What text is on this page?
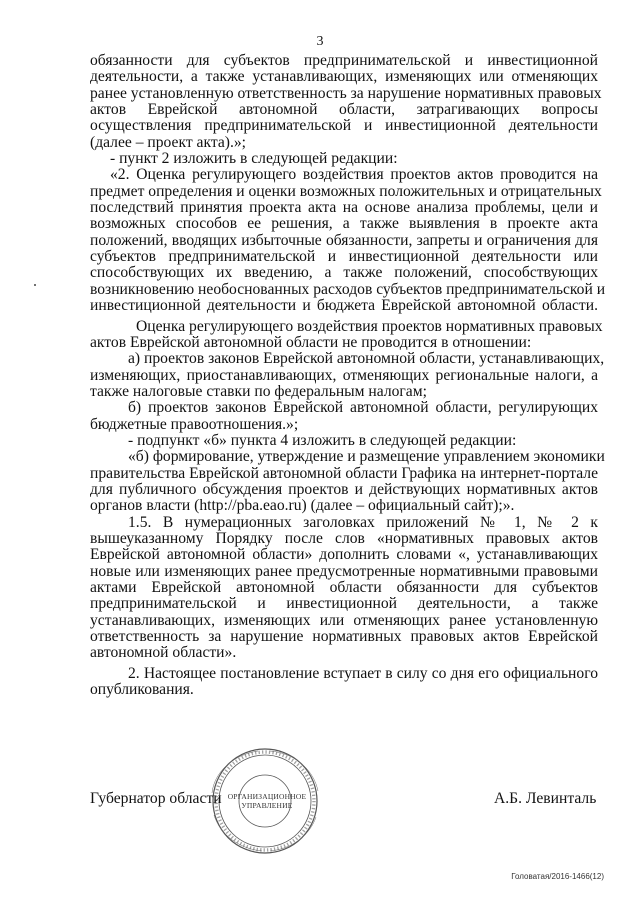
3
обязанности для субъектов предпринимательской и инвестиционной
деятельности, а также устанавливающих, изменяющих или отменяющих
ранее установленную ответственность за нарушение нормативных правовых
актов Еврейской автономной области, затрагивающих вопросы
осуществления предпринимательской и инвестиционной деятельности
(далее – проект акта).»;
- пункт 2 изложить в следующей редакции:
«2. Оценка регулирующего воздействия проектов актов проводится на
предмет определения и оценки возможных положительных и отрицательных
последствий принятия проекта акта на основе анализа проблемы, цели и
возможных способов ее решения, а также выявления в проекте акта
положений, вводящих избыточные обязанности, запреты и ограничения для
субъектов предпринимательской и инвестиционной деятельности или
способствующих их введению, а также положений, способствующих
возникновению необоснованных расходов субъектов предпринимательской и
инвестиционной деятельности и бюджета Еврейской автономной области.
Оценка регулирующего воздействия проектов нормативных правовых
актов Еврейской автономной области не проводится в отношении:
а) проектов законов Еврейской автономной области, устанавливающих,
изменяющих, приостанавливающих, отменяющих региональные налоги, а
также налоговые ставки по федеральным налогам;
б) проектов законов Еврейской автономной области, регулирующих
бюджетные правоотношения.»;
- подпункт «б» пункта 4 изложить в следующей редакции:
«б) формирование, утверждение и размещение управлением экономики
правительства Еврейской автономной области Графика на интернет-портале
для публичного обсуждения проектов и действующих нормативных актов
органов власти (http://pba.eao.ru) (далее – официальный сайт);».
1.5. В нумерационных заголовках приложений № 1, № 2 к
вышеуказанному Порядку после слов «нормативных правовых актов
Еврейской автономной области» дополнить словами «, устанавливающих
новые или изменяющих ранее предусмотренные нормативными правовыми
актами Еврейской автономной области обязанности для субъектов
предпринимательской и инвестиционной деятельности, а также
устанавливающих, изменяющих или отменяющих ранее установленную
ответственность за нарушение нормативных правовых актов Еврейской
автономной области».
2. Настоящее постановление вступает в силу со дня его официального
опубликования.
ОРГАНИЗАЦИОННОЕ
УПРАВЛЕНИЕ
Губернатор области	А.Б. Левинталь
Головатая/2016-1466(12)
